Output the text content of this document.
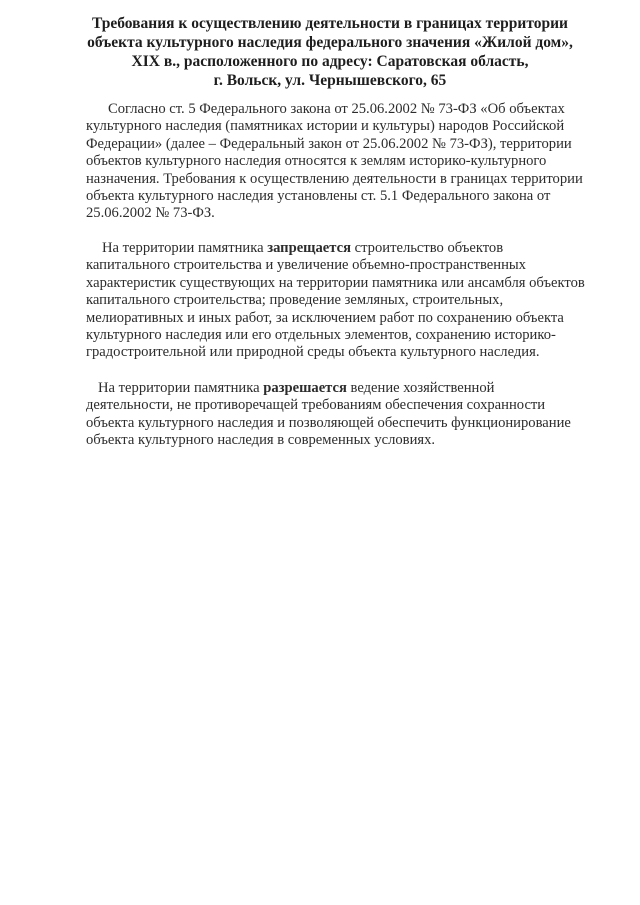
Требования к осуществлению деятельности в границах территории
объекта культурного наследия федерального значения «Жилой дом»,
XIX в., расположенного по адресу: Саратовская область,
г. Вольск, ул. Чернышевского, 65
Согласно ст. 5 Федерального закона от 25.06.2002 № 73-ФЗ «Об объектах
культурного наследия (памятниках истории и культуры) народов Российской
Федерации» (далее – Федеральный закон от 25.06.2002 № 73-ФЗ), территории
объектов культурного наследия относятся к землям историко-культурного
назначения. Требования к осуществлению деятельности в границах территории
объекта культурного наследия установлены ст. 5.1 Федерального закона от
25.06.2002 № 73-ФЗ.
На территории памятника запрещается строительство объектов
капитального строительства и увеличение объемно-пространственных
характеристик существующих на территории памятника или ансамбля объектов
капитального строительства; проведение земляных, строительных,
мелиоративных и иных работ, за исключением работ по сохранению объекта
культурного наследия или его отдельных элементов, сохранению историко-
градостроительной или природной среды объекта культурного наследия.
На территории памятника разрешается ведение хозяйственной
деятельности, не противоречащей требованиям обеспечения сохранности
объекта культурного наследия и позволяющей обеспечить функционирование
объекта культурного наследия в современных условиях.
